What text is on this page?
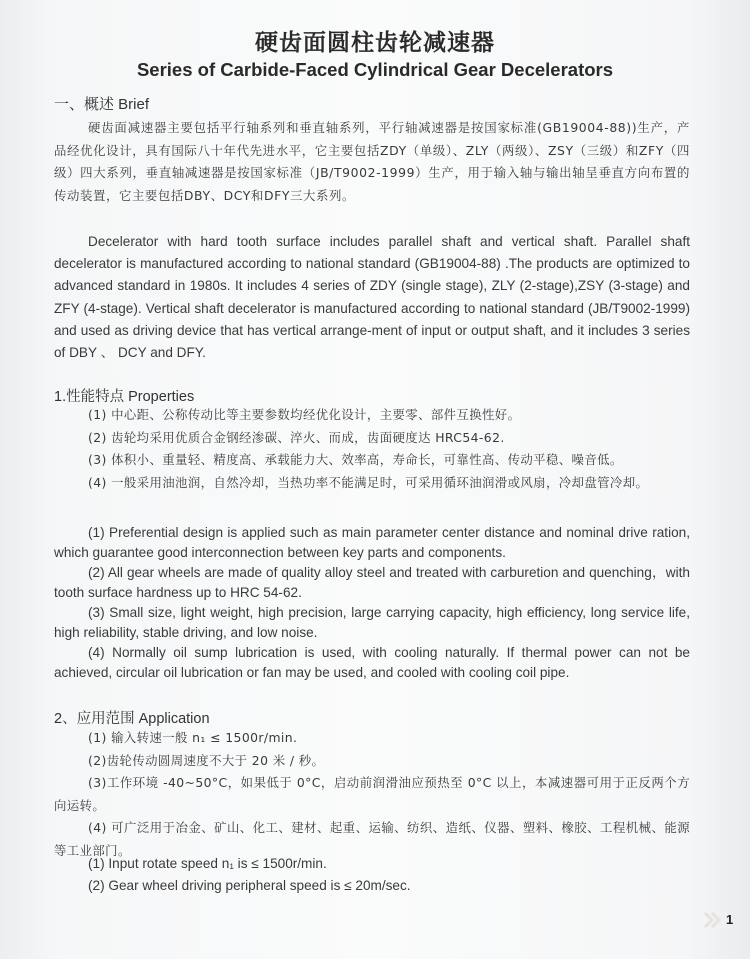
硬齿面圆柱齿轮减速器
Series of Carbide-Faced Cylindrical Gear Decelerators
一、概述 Brief

硬齿面减速器主要包括平行轴系列和垂直轴系列，平行轴减速器是按国家标准(GB19004-88))生产，产品经优化设计，具有国际八十年代先进水平，它主要包括ZDY（单级）、ZLY（两级）、ZSY（三级）和ZFY（四级）四大系列，垂直轴减速器是按国家标准（JB/T9002-1999）生产，用于输入轴与输出轴呈垂直方向布置的传动装置，它主要包括DBY、DCY和DFY三大系列。

Decelerator with hard tooth surface includes parallel shaft and vertical shaft. Parallel shaft decelerator is manufactured according to national standard (GB19004-88) .The products are optimized to advanced standard in 1980s. It includes 4 series of ZDY (single stage), ZLY (2-stage),ZSY (3-stage) and ZFY (4-stage). Vertical shaft decelerator is manufactured according to national standard (JB/T9002-1999) and used as driving device that has vertical arrange-ment of input or output shaft, and it includes 3 series of DBY 、 DCY and DFY.

1.性能特点 Properties

(1) 中心距、公称传动比等主要参数均经优化设计，主要零、部件互换性好。

(2) 齿轮均采用优质合金钢经渗碳、淬火、而成，齿面硬度达 HRC54-62.

(3) 体积小、重量轻、精度高、承载能力大、效率高，寿命长，可靠性高、传动平稳、噪音低。

(4) 一般采用油池润，自然冷却，当热功率不能满足时，可采用循环油润滑或风扇，冷却盘管冷却。

(1) Preferential design is applied such as main parameter center distance and nominal drive ration, which guarantee good interconnection between key parts and components.

(2) All gear wheels are made of quality alloy steel and treated with carburetion and quenching，with tooth surface hardness up to HRC 54-62.

(3) Small size, light weight, high precision, large carrying capacity, high efficiency, long service life, high reliability, stable driving, and low noise.

(4) Normally oil sump lubrication is used, with cooling naturally. If thermal power can not be achieved, circular oil lubrication or fan may be used, and cooled with cooling coil pipe.

2、应用范围 Application

(1) 输入转速一般 n₁ ≤ 1500r/min.

(2)齿轮传动圆周速度不大于 20 米 / 秒。

(3)工作环境 -40~50°C，如果低于 0°C，启动前润滑油应预热至 0°C 以上，本减速器可用于正反两个方向运转。

(4) 可广泛用于冶金、矿山、化工、建材、起重、运输、纺织、造纸、仪器、塑料、橡胶、工程机械、能源等工业部门。

(1) Input rotate speed n₁ is ≤ 1500r/min.

(2) Gear wheel driving peripheral speed is ≤ 20m/sec.

1
